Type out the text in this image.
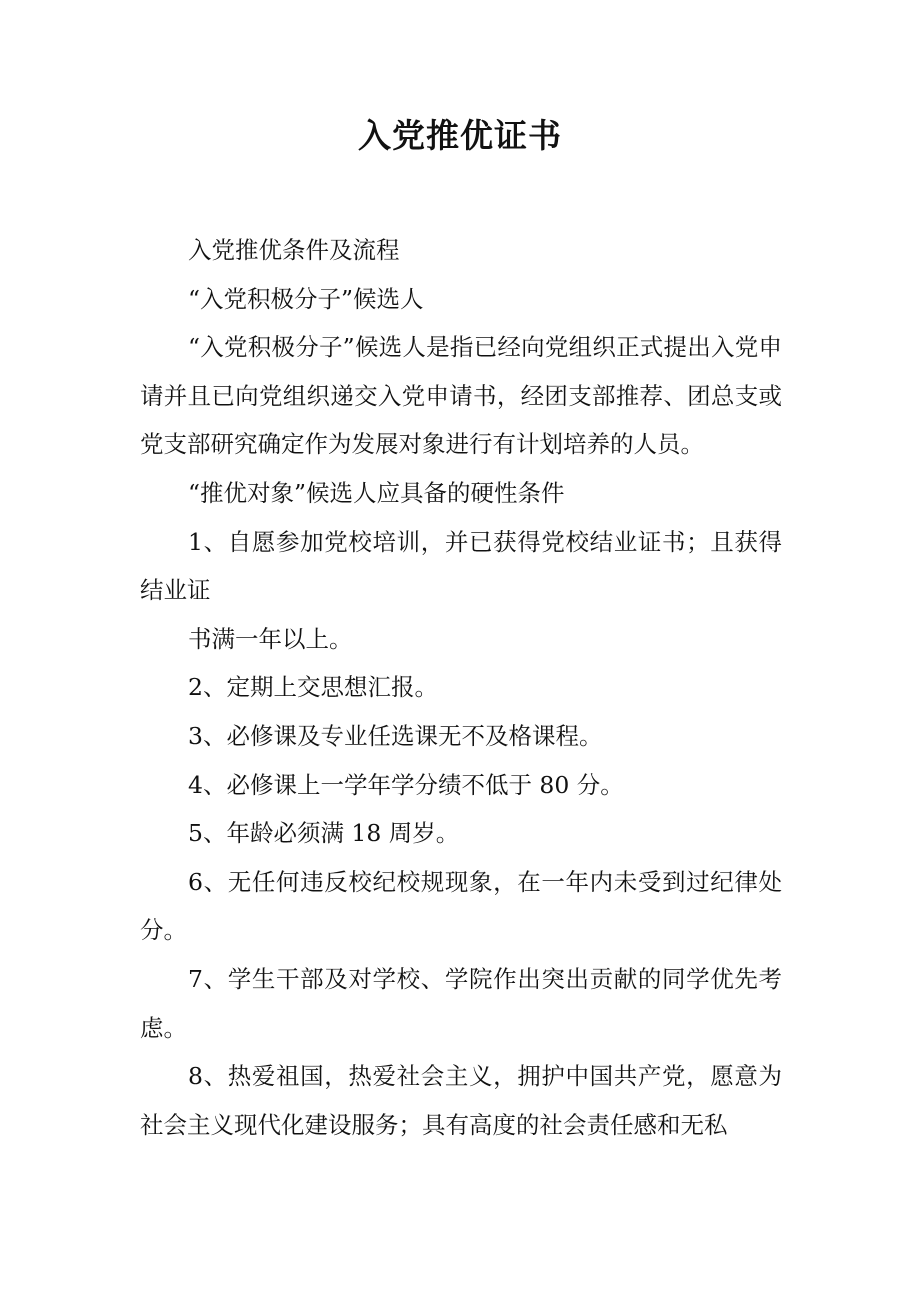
入党推优证书

入党推优条件及流程

“入党积极分子”候选人

“入党积极分子”候选人是指已经向党组织正式提出入党申请并且已向党组织递交入党申请书，经团支部推荐、团总支或党支部研究确定作为发展对象进行有计划培养的人员。

“推优对象”候选人应具备的硬性条件

1、自愿参加党校培训，并已获得党校结业证书；且获得结业证

书满一年以上。

2、定期上交思想汇报。

3、必修课及专业任选课无不及格课程。

4、必修课上一学年学分绩不低于 80 分。

5、年龄必须满 18 周岁。

6、无任何违反校纪校规现象，在一年内未受到过纪律处分。

7、学生干部及对学校、学院作出突出贡献的同学优先考虑。

8、热爱祖国，热爱社会主义，拥护中国共产党，愿意为社会主义现代化建设服务；具有高度的社会责任感和无私
